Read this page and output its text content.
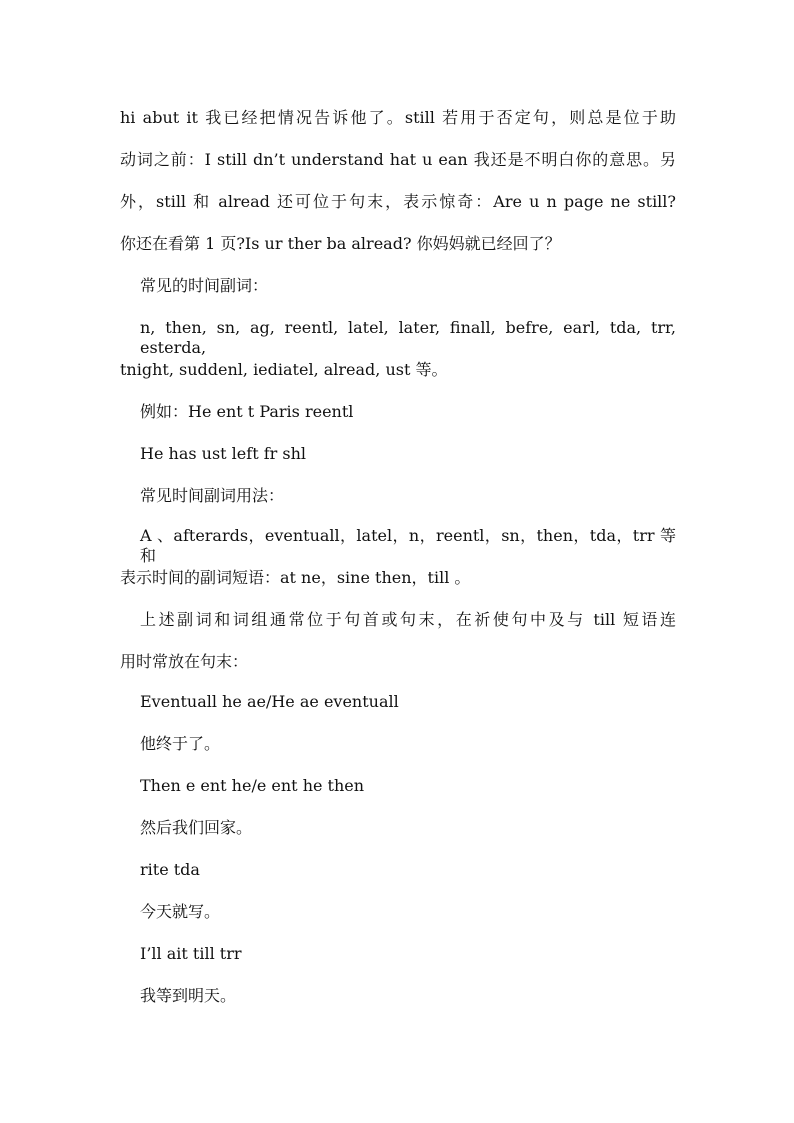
hi abut it 我已经把情况告诉他了。still 若用于否定句，则总是位于助
动词之前：I still dn’t understand hat u ean 我还是不明白你的意思。另
外，still 和 alread 还可位于句末，表示惊奇：Are u n page ne still?
你还在看第 1 页?Is ur ther ba alread? 你妈妈就已经回了？
常见的时间副词：
n, then, sn, ag, reentl, latel, later, finall, befre, earl, tda, trr, esterda,
tnight, suddenl, iediatel, alread, ust 等。
例如：He ent t Paris reentl
He has ust left fr shl
常见时间副词用法：
A 、afterards，eventuall，latel，n，reentl，sn，then，tda，trr 等和
表示时间的副词短语：at ne，sine then，till 。
上述副词和词组通常位于句首或句末，在祈使句中及与 till 短语连
用时常放在句末：
Eventuall he ae/He ae eventuall
他终于了。
Then e ent he/e ent he then
然后我们回家。
rite tda
今天就写。
I’ll ait till trr
我等到明天。
